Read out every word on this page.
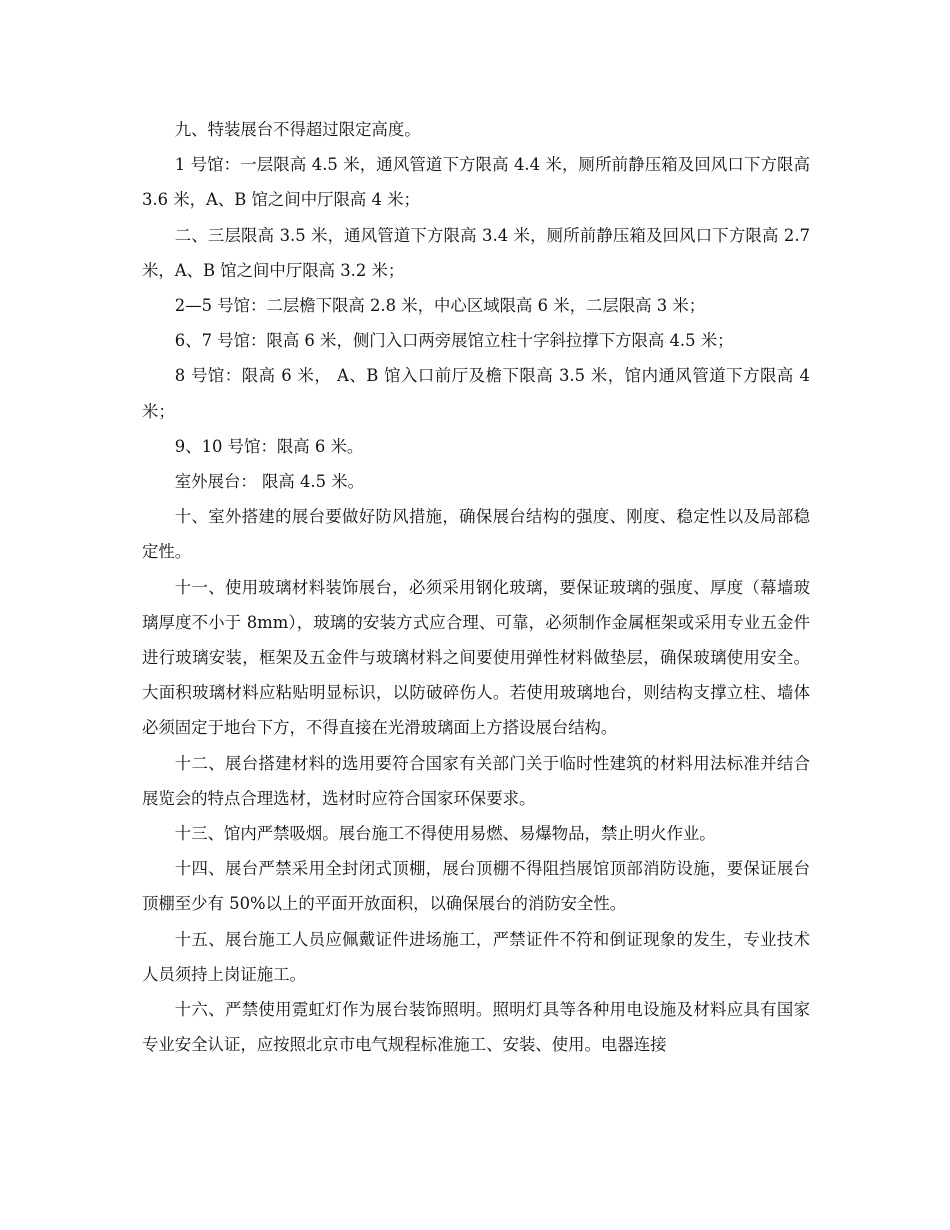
九、特装展台不得超过限定高度。

1 号馆：一层限高 4.5 米，通风管道下方限高 4.4 米，厕所前静压箱及回风口下方限高 3.6 米，A、B 馆之间中厅限高 4 米；

二、三层限高 3.5 米，通风管道下方限高 3.4 米，厕所前静压箱及回风口下方限高 2.7 米，A、B 馆之间中厅限高 3.2 米；

2—5 号馆：二层檐下限高 2.8 米，中心区域限高 6 米，二层限高 3 米；

6、7 号馆：限高 6 米，侧门入口两旁展馆立柱十字斜拉撑下方限高 4.5 米；

8 号馆：限高 6 米， A、B 馆入口前厅及檐下限高 3.5 米，馆内通风管道下方限高 4 米；

9、10 号馆：限高 6 米。

室外展台： 限高 4.5 米。

十、室外搭建的展台要做好防风措施，确保展台结构的强度、刚度、稳定性以及局部稳定性。

十一、使用玻璃材料装饰展台，必须采用钢化玻璃，要保证玻璃的强度、厚度（幕墙玻璃厚度不小于 8mm），玻璃的安装方式应合理、可靠，必须制作金属框架或采用专业五金件进行玻璃安装，框架及五金件与玻璃材料之间要使用弹性材料做垫层，确保玻璃使用安全。大面积玻璃材料应粘贴明显标识，以防破碎伤人。若使用玻璃地台，则结构支撑立柱、墙体必须固定于地台下方，不得直接在光滑玻璃面上方搭设展台结构。

十二、展台搭建材料的选用要符合国家有关部门关于临时性建筑的材料用法标准并结合展览会的特点合理选材，选材时应符合国家环保要求。

十三、馆内严禁吸烟。展台施工不得使用易燃、易爆物品，禁止明火作业。

十四、展台严禁采用全封闭式顶棚，展台顶棚不得阻挡展馆顶部消防设施，要保证展台顶棚至少有 50%以上的平面开放面积，以确保展台的消防安全性。

十五、展台施工人员应佩戴证件进场施工，严禁证件不符和倒证现象的发生，专业技术人员须持上岗证施工。

十六、严禁使用霓虹灯作为展台装饰照明。照明灯具等各种用电设施及材料应具有国家专业安全认证，应按照北京市电气规程标准施工、安装、使用。电器连接
